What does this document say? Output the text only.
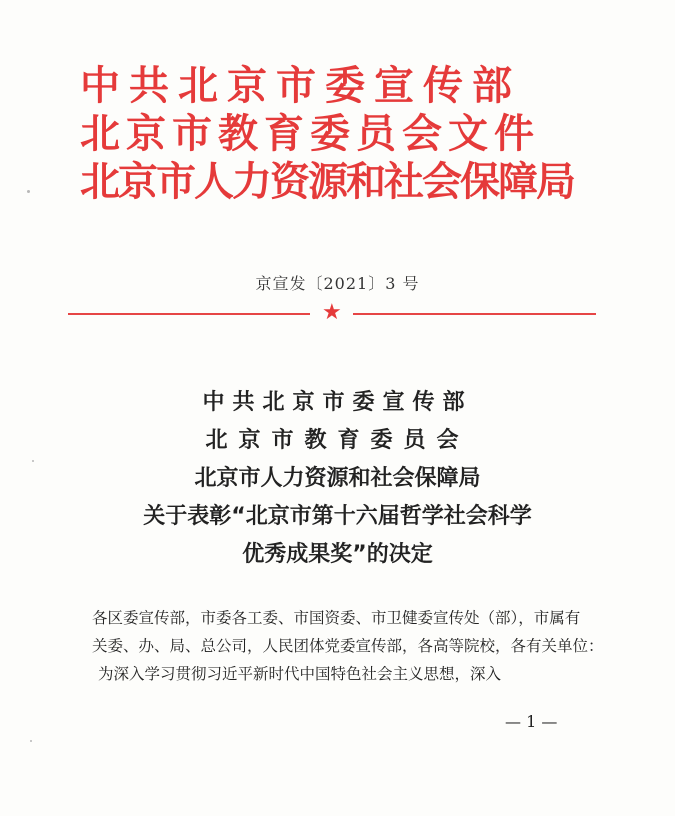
中共北京市委宣传部
北京市教育委员会文件
北京市人力资源和社会保障局
京宣发〔2021〕3 号
★
中共北京市委宣传部
北京市教育委员会
北京市人力资源和社会保障局
关于表彰“北京市第十六届哲学社会科学
优秀成果奖”的决定
各区委宣传部，市委各工委、市国资委、市卫健委宣传处（部），市属有
关委、办、局、总公司，人民团体党委宣传部，各高等院校，各有关单位：
为深入学习贯彻习近平新时代中国特色社会主义思想，深入
— 1 —
